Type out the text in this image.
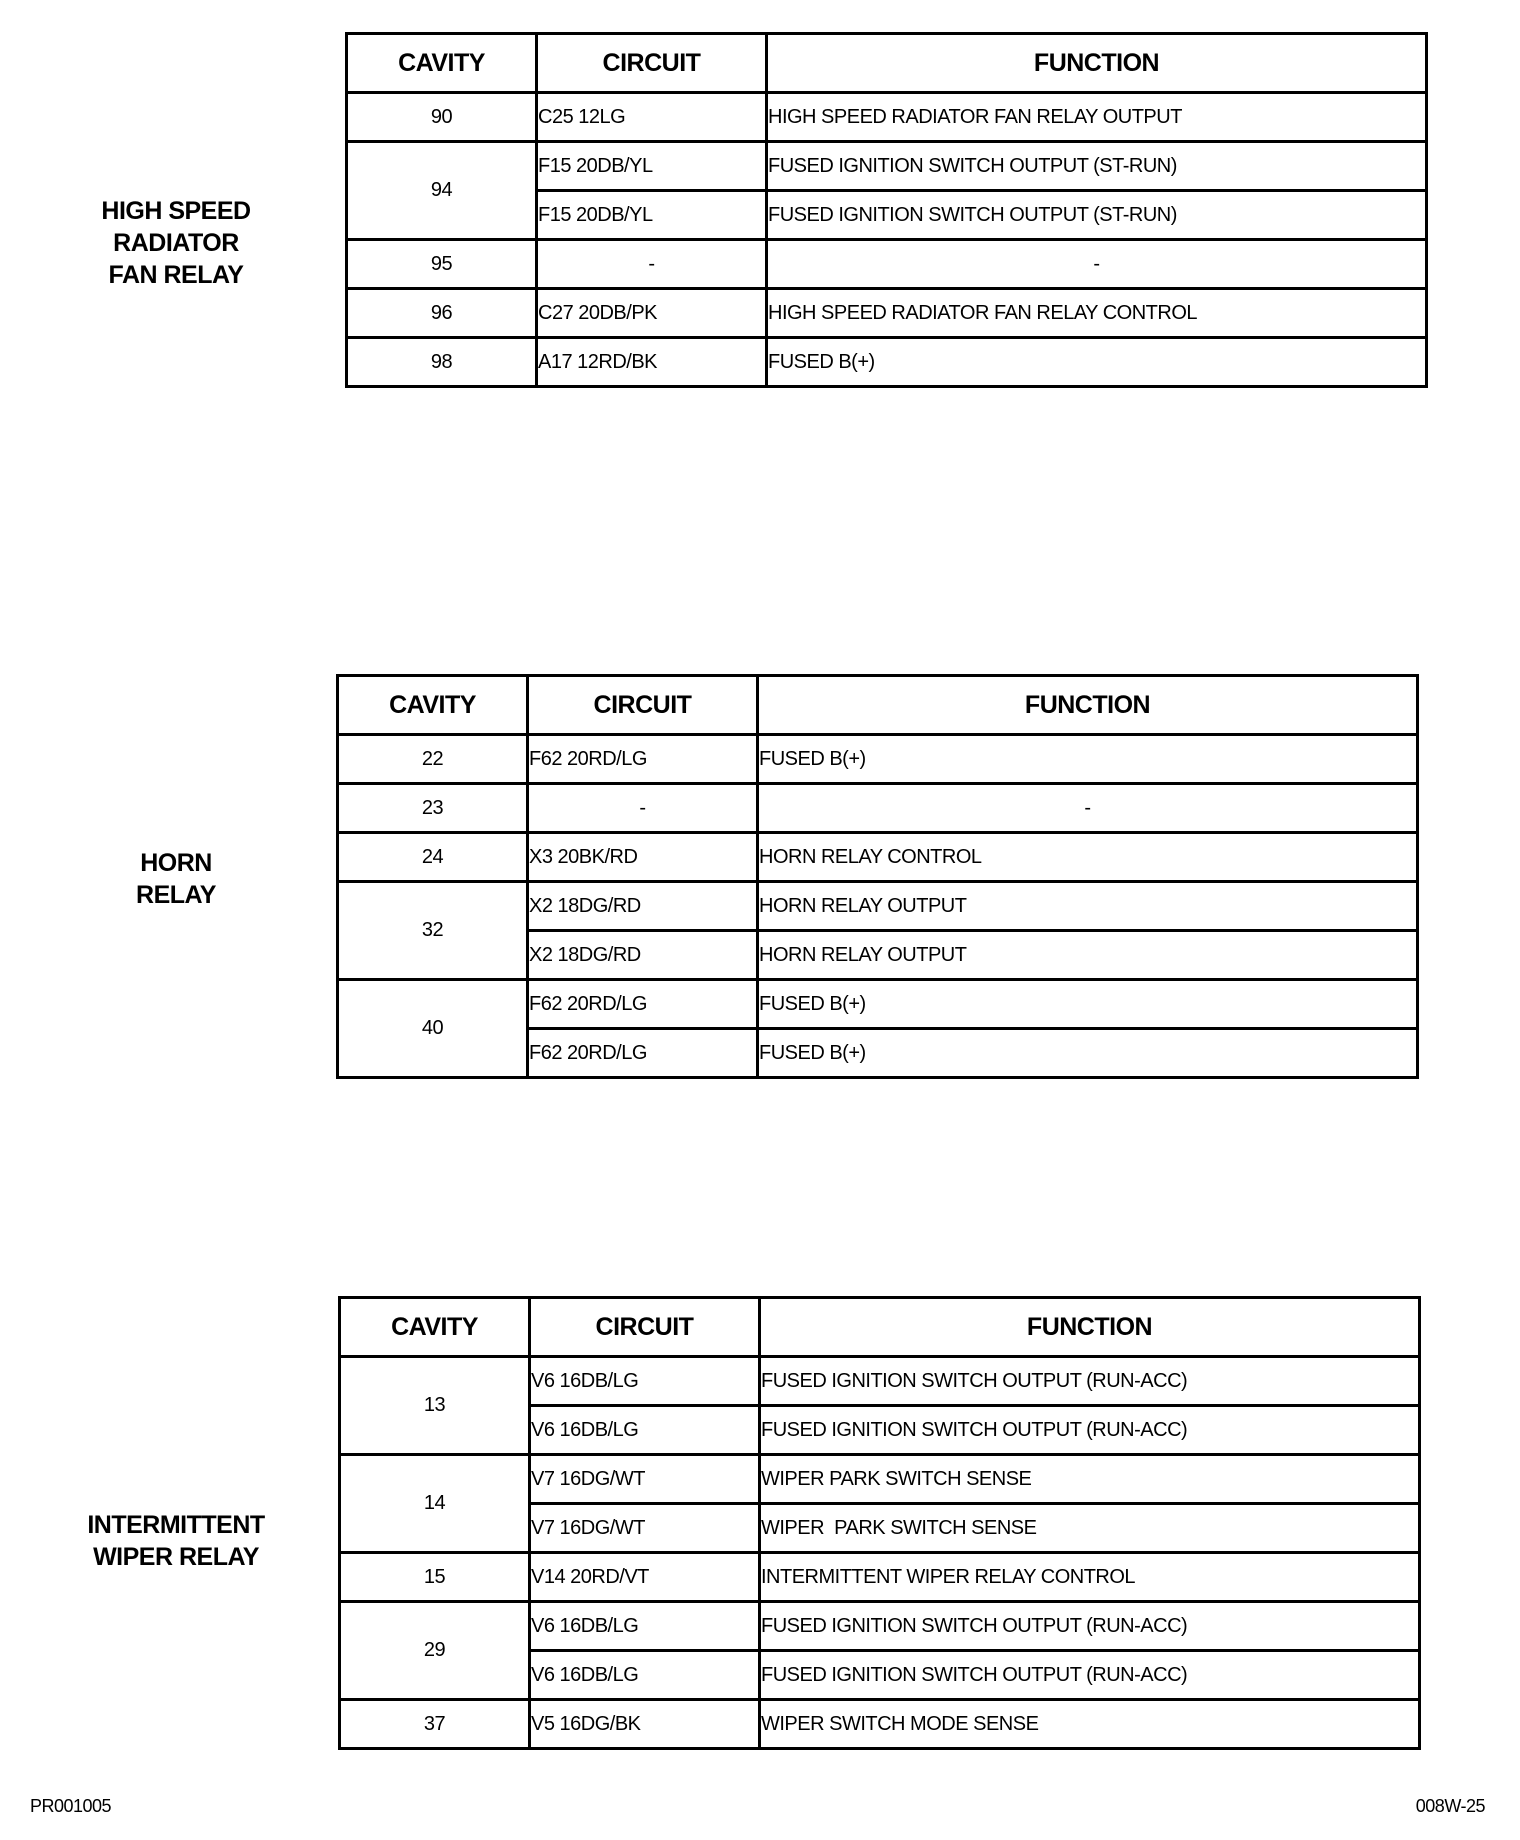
HIGH SPEED
RADIATOR
FAN RELAY
CAVITY	CIRCUIT	FUNCTION
90	C25 12LG	HIGH SPEED RADIATOR FAN RELAY OUTPUT
94	F15 20DB/YL	FUSED IGNITION SWITCH OUTPUT (ST-RUN)
	F15 20DB/YL	FUSED IGNITION SWITCH OUTPUT (ST-RUN)
95	-	-
96	C27 20DB/PK	HIGH SPEED RADIATOR FAN RELAY CONTROL
98	A17 12RD/BK	FUSED B(+)
HORN
RELAY
CAVITY	CIRCUIT	FUNCTION
22	F62 20RD/LG	FUSED B(+)
23	-	-
24	X3 20BK/RD	HORN RELAY CONTROL
32	X2 18DG/RD	HORN RELAY OUTPUT
	X2 18DG/RD	HORN RELAY OUTPUT
40	F62 20RD/LG	FUSED B(+)
	F62 20RD/LG	FUSED B(+)
INTERMITTENT
WIPER RELAY
CAVITY	CIRCUIT	FUNCTION
13	V6 16DB/LG	FUSED IGNITION SWITCH OUTPUT (RUN-ACC)
	V6 16DB/LG	FUSED IGNITION SWITCH OUTPUT (RUN-ACC)
14	V7 16DG/WT	WIPER PARK SWITCH SENSE
	V7 16DG/WT	WIPER  PARK SWITCH SENSE
15	V14 20RD/VT	INTERMITTENT WIPER RELAY CONTROL
29	V6 16DB/LG	FUSED IGNITION SWITCH OUTPUT (RUN-ACC)
	V6 16DB/LG	FUSED IGNITION SWITCH OUTPUT (RUN-ACC)
37	V5 16DG/BK	WIPER SWITCH MODE SENSE
PR001005	008W-25
